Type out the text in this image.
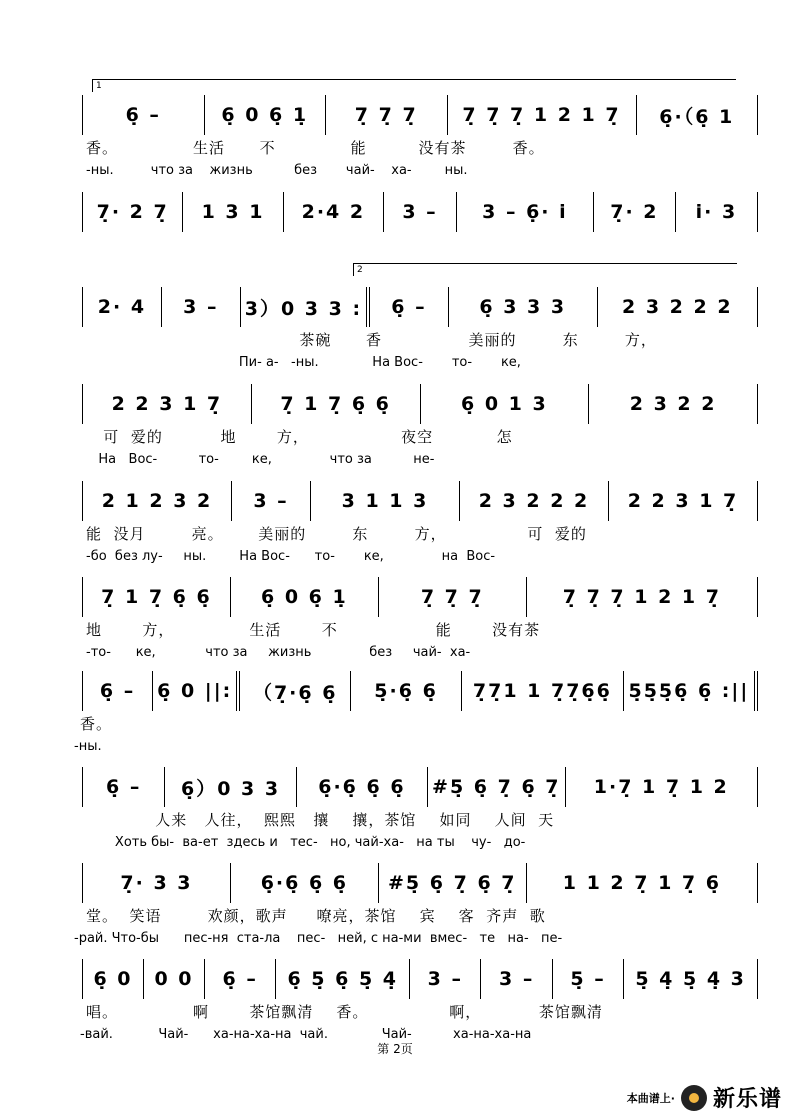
1
6̣ –	6̣ 0 6̣ 1̣	7̣ 7̣ 7̣	7̣ 7̣ 7̣ 1 2 1 7̣	6̣·（6̣ 1
香。             生活      不             能         没有茶        香。
-ны.         что за    жизнь          без       чай-    ха-        ны.
7̣· 2 7̣	1 3 1	2·4 2	3 –	3 – 6̣· i	7̣· 2	i· 3
2
2· 4	3 –	3）0 3 3 :	6̣ –	6̣ 3 3 3	2 3 2 2 2
茶碗      香               美丽的        东        方，
Пи- а-   -ны.             На Вос-       то-       ке,
2 2 3 1 7̣	7̣ 1 7̣ 6̣ 6̣	6̣ 0 1 3	2 3 2 2
可  爱的          地       方，                夜空           怎
На   Вос-          то-        ке,              что за          не-
2 1 2 3 2	3 –	3 1 1 3	2 3 2 2 2	2 2 3 1 7̣
能  没月        亮。      美丽的        东        方，              可  爱的
-бо  без лу-     ны.        На Вос-      то-       ке,              на  Вос-
7̣ 1 7̣ 6̣ 6̣	6̣ 0 6̣ 1̣	7̣ 7̣ 7̣	7̣ 7̣ 7̣ 1 2 1 7̣
地       方，             生活       不                 能       没有茶
-то-      ке,            что за     жизнь              без     чай-  ха-
6̣ –	6̣ 0 ||:	（7̣·6̣ 6̣	5̣·6̣ 6̣	7̣7̣1 1 7̣7̣6̣6̣ 5̣5̣5̣6̣ 6̣ :||
香。
-ны.
6̣ –	6̣）0 3 3	6̣·6̣ 6̣ 6̣	#5̣ 6̣ 7̣ 6̣ 7̣	1·7̣ 1 7̣ 1 2
人来   人往，  熙熙   攘    攘，茶馆    如同    人间  天
Хоть бы-  ва-ет  здесь и   тес-   но, чай-ха-   на ты    чу-   до-
7̣· 3 3	6̣·6̣ 6̣ 6̣	#5̣ 6̣ 7̣ 6̣ 7̣	1 1 2 7̣ 1 7̣ 6̣
堂。  笑语        欢颜，歌声     嘹亮，茶馆    宾    客  齐声  歌
-рай. Что-бы      пес-ня  ста-ла    пес-   ней, с на-ми  вмес-   те   на-   пе-
6̣ 0	0 0	6̣ –	6̣ 5̣ 6̣ 5̣ 4̣	3 –	3 –	5̣ –	5̣ 4̣ 5̣ 4̣ 3
唱。             啊       茶馆飘清    香。              啊，          茶馆飘清
-вай.           Чай-      ха-на-ха-на  чай.             Чай-          ха-на-ха-на
第 2页
本曲谱上· 新乐谱
